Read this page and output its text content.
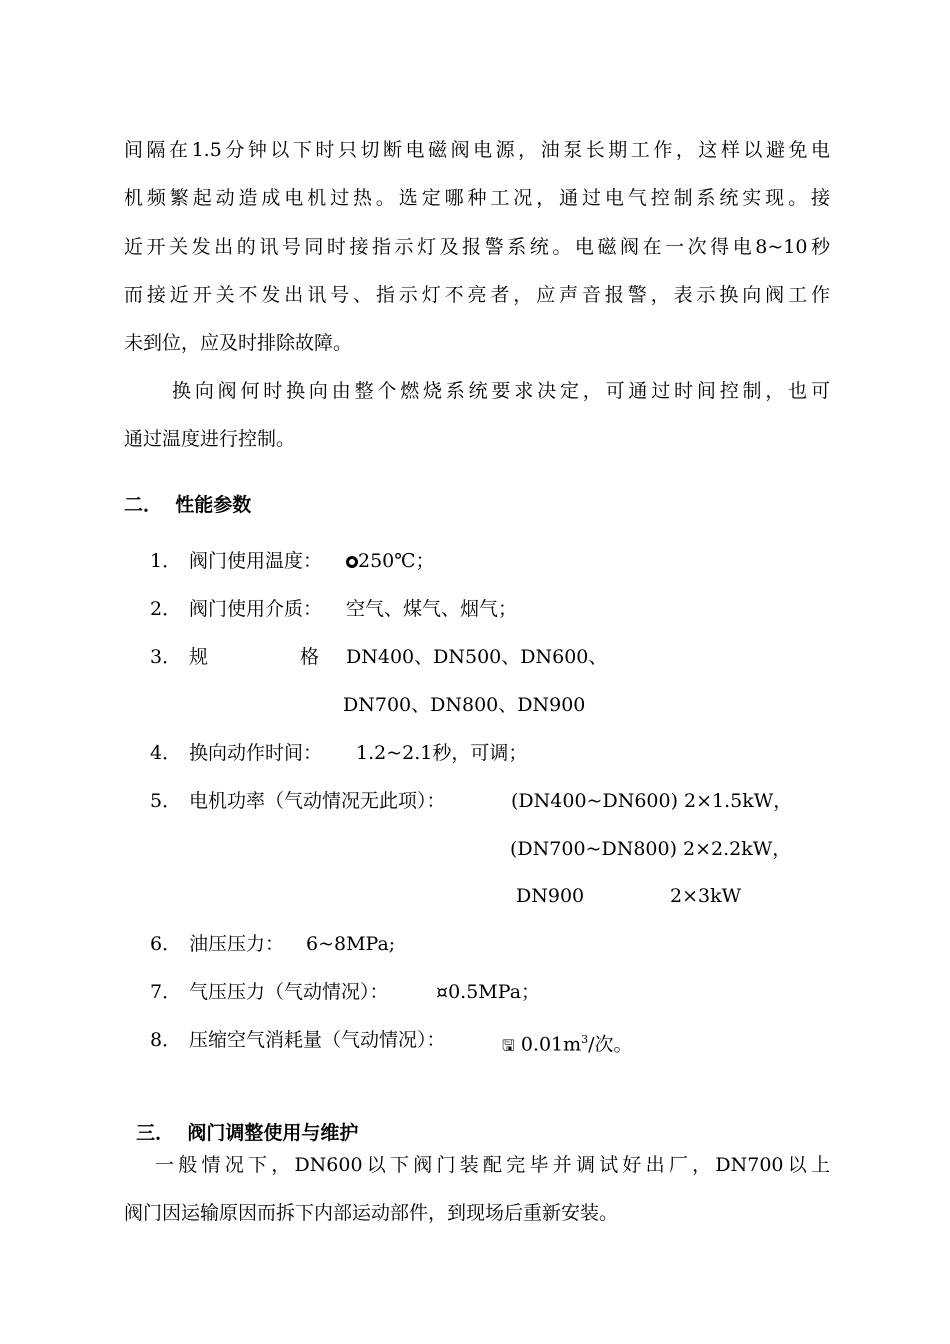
间隔在1.5分钟以下时只切断电磁阀电源，油泵长期工作，这样以避免电
机频繁起动造成电机过热。选定哪种工况，通过电气控制系统实现。接
近开关发出的讯号同时接指示灯及报警系统。电磁阀在一次得电8~10秒
而接近开关不发出讯号、指示灯不亮者，应声音报警，表示换向阀工作
未到位，应及时排除故障。
换向阀何时换向由整个燃烧系统要求决定，可通过时间控制，也可
通过温度进行控制。
二．  性能参数
1． 阀门使用温度：	250℃；
2． 阀门使用介质： 空气、煤气、烟气；
3． 规	格 DN400、DN500、DN600、
DN700、DN800、DN900
4． 换向动作时间： 1.2~2.1秒，可调；
5． 电机功率（气动情况无此项）：	(DN400~DN600) 2×1.5kW，
(DN700~DN800) 2×2.2kW，
DN900	2×3kW
6． 油压压力： 6~8MPa;
7． 气压压力（气动情况）： ¤0.5MPa；
8． 压缩空气消耗量（气动情况）：	🖫 $0.01m^3/$次。

三．  阀门调整使用与维护

一般情况下，DN600以下阀门装配完毕并调试好出厂，DN700以上
阀门因运输原因而拆下内部运动部件，到现场后重新安装。
